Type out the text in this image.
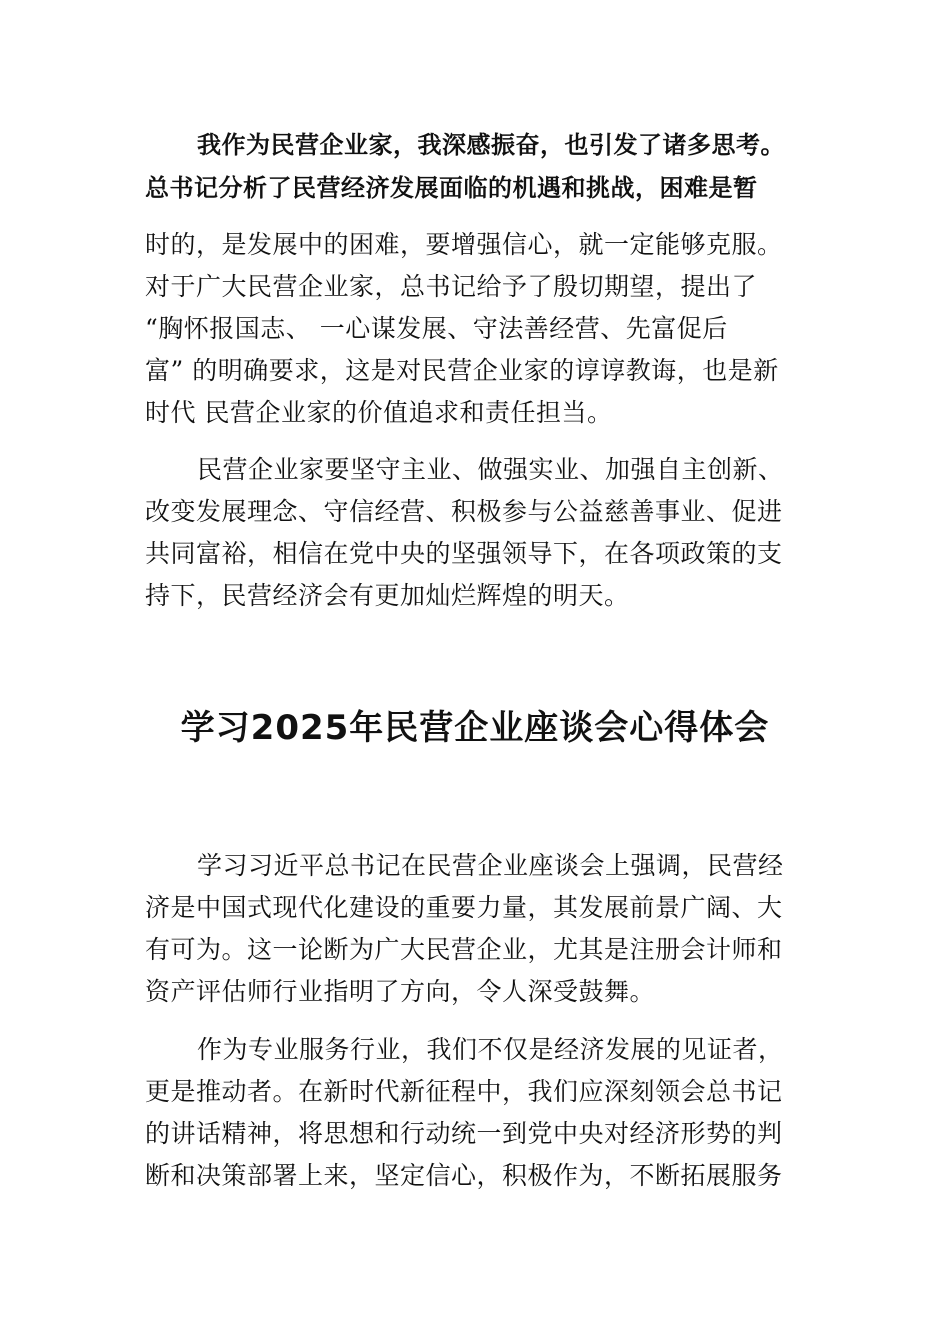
我作为民营企业家，我深感振奋，也引发了诸多思考。
总书记分析了民营经济发展面临的机遇和挑战，困难是暂
时的，是发展中的困难，要增强信心，就一定能够克服。
对于广大民营企业家，总书记给予了殷切期望，提出了
“胸怀报国志、 一心谋发展、守法善经营、先富促后
富” 的明确要求，这是对民营企业家的谆谆教诲，也是新
时代 民营企业家的价值追求和责任担当。
民营企业家要坚守主业、做强实业、加强自主创新、
改变发展理念、守信经营、积极参与公益慈善事业、促进
共同富裕，相信在党中央的坚强领导下，在各项政策的支
持下，民营经济会有更加灿烂辉煌的明天。
学习2025年民营企业座谈会心得体会
学习习近平总书记在民营企业座谈会上强调，民营经
济是中国式现代化建设的重要力量，其发展前景广阔、大
有可为。这一论断为广大民营企业，尤其是注册会计师和
资产评估师行业指明了方向，令人深受鼓舞。
作为专业服务行业，我们不仅是经济发展的见证者，
更是推动者。在新时代新征程中，我们应深刻领会总书记
的讲话精神，将思想和行动统一到党中央对经济形势的判
断和决策部署上来，坚定信心，积极作为，不断拓展服务
